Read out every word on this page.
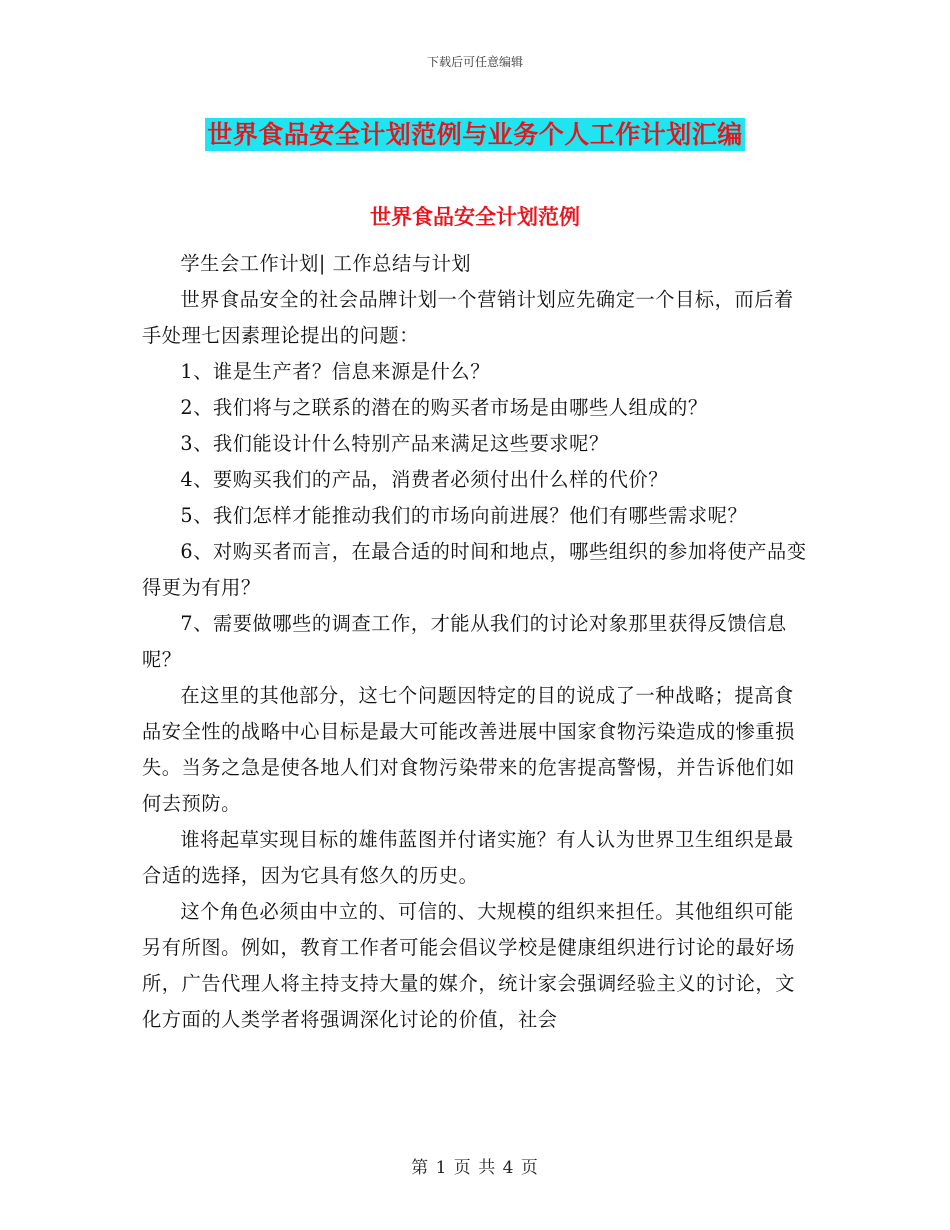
下载后可任意编辑
世界食品安全计划范例与业务个人工作计划汇编
世界食品安全计划范例

学生会工作计划| 工作总结与计划

世界食品安全的社会品牌计划一个营销计划应先确定一个目标，而后着手处理七因素理论提出的问题：

1、谁是生产者？信息来源是什么？

2、我们将与之联系的潜在的购买者市场是由哪些人组成的？

3、我们能设计什么特别产品来满足这些要求呢？

4、要购买我们的产品，消费者必须付出什么样的代价？

5、我们怎样才能推动我们的市场向前进展？他们有哪些需求呢？

6、对购买者而言，在最合适的时间和地点，哪些组织的参加将使产品变得更为有用？

7、需要做哪些的调查工作，才能从我们的讨论对象那里获得反馈信息呢？

在这里的其他部分，这七个问题因特定的目的说成了一种战略；提高食品安全性的战略中心目标是最大可能改善进展中国家食物污染造成的惨重损失。当务之急是使各地人们对食物污染带来的危害提高警惕，并告诉他们如何去预防。

谁将起草实现目标的雄伟蓝图并付诸实施？有人认为世界卫生组织是最合适的选择，因为它具有悠久的历史。

这个角色必须由中立的、可信的、大规模的组织来担任。其他组织可能另有所图。例如，教育工作者可能会倡议学校是健康组织进行讨论的最好场所，广告代理人将主持支持大量的媒介，统计家会强调经验主义的讨论，文化方面的人类学者将强调深化讨论的价值，社会

第 1 页 共 4 页
